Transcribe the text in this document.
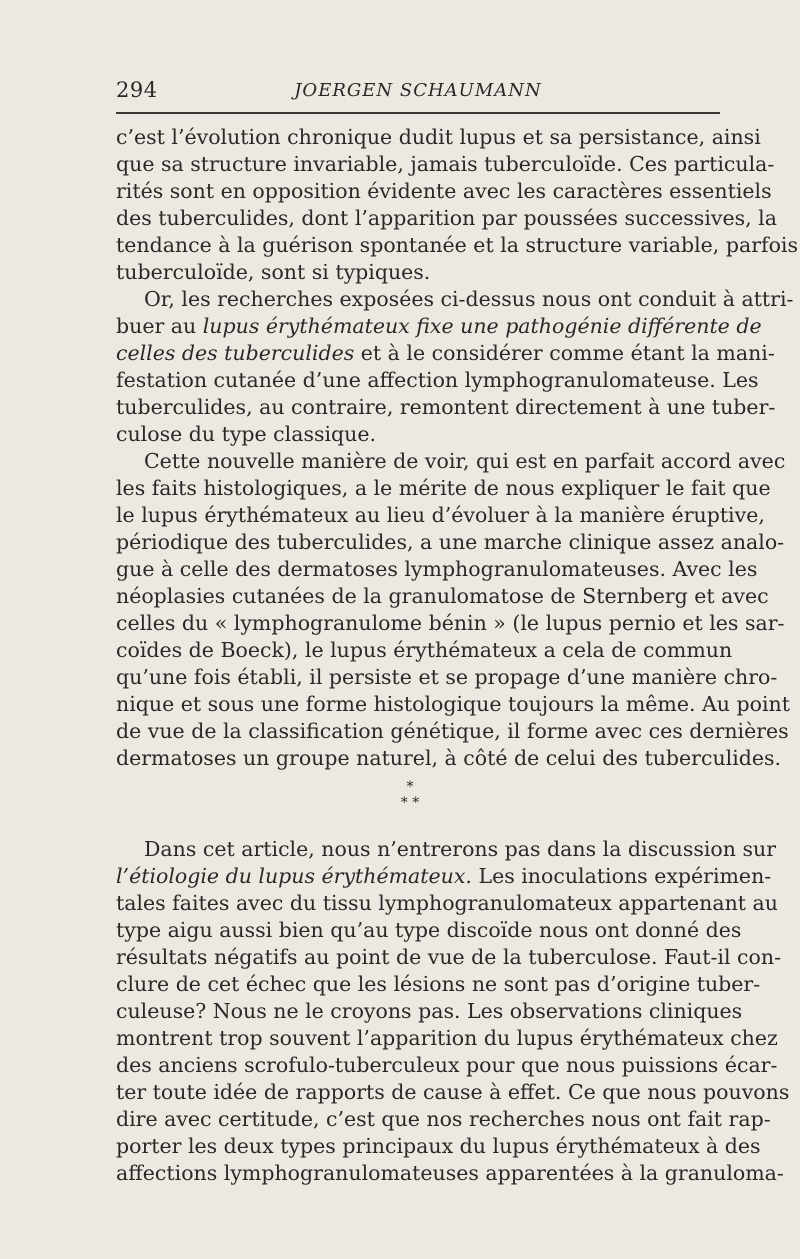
294	JOERGEN SCHAUMANN
c’est l’évolution chronique dudit lupus et sa persistance, ainsi
que sa structure invariable, jamais tuberculoïde. Ces particula-
rités sont en opposition évidente avec les caractères essentiels
des tuberculides, dont l’apparition par poussées successives, la
tendance à la guérison spontanée et la structure variable, parfois
tuberculoïde, sont si typiques.
Or, les recherches exposées ci-dessus nous ont conduit à attri-
buer au lupus érythémateux fixe une pathogénie différente de
celles des tuberculides et à le considérer comme étant la mani-
festation cutanée d’une affection lymphogranulomateuse. Les
tuberculides, au contraire, remontent directement à une tuber-
culose du type classique.
Cette nouvelle manière de voir, qui est en parfait accord avec
les faits histologiques, a le mérite de nous expliquer le fait que
le lupus érythémateux au lieu d’évoluer à la manière éruptive,
périodique des tuberculides, a une marche clinique assez analo-
gue à celle des dermatoses lymphogranulomateuses. Avec les
néoplasies cutanées de la granulomatose de Sternberg et avec
celles du « lymphogranulome bénin » (le lupus pernio et les sar-
coïdes de Boeck), le lupus érythémateux a cela de commun
qu’une fois établi, il persiste et se propage d’une manière chro-
nique et sous une forme histologique toujours la même. Au point
de vue de la classification génétique, il forme avec ces dernières
dermatoses un groupe naturel, à côté de celui des tuberculides.
*
* *
Dans cet article, nous n’entrerons pas dans la discussion sur
l’étiologie du lupus érythémateux. Les inoculations expérimen-
tales faites avec du tissu lymphogranulomateux appartenant au
type aigu aussi bien qu’au type discoïde nous ont donné des
résultats négatifs au point de vue de la tuberculose. Faut-il con-
clure de cet échec que les lésions ne sont pas d’origine tuber-
culeuse? Nous ne le croyons pas. Les observations cliniques
montrent trop souvent l’apparition du lupus érythémateux chez
des anciens scrofulo-tuberculeux pour que nous puissions écar-
ter toute idée de rapports de cause à effet. Ce que nous pouvons
dire avec certitude, c’est que nos recherches nous ont fait rap-
porter les deux types principaux du lupus érythémateux à des
affections lymphogranulomateuses apparentées à la granuloma-
